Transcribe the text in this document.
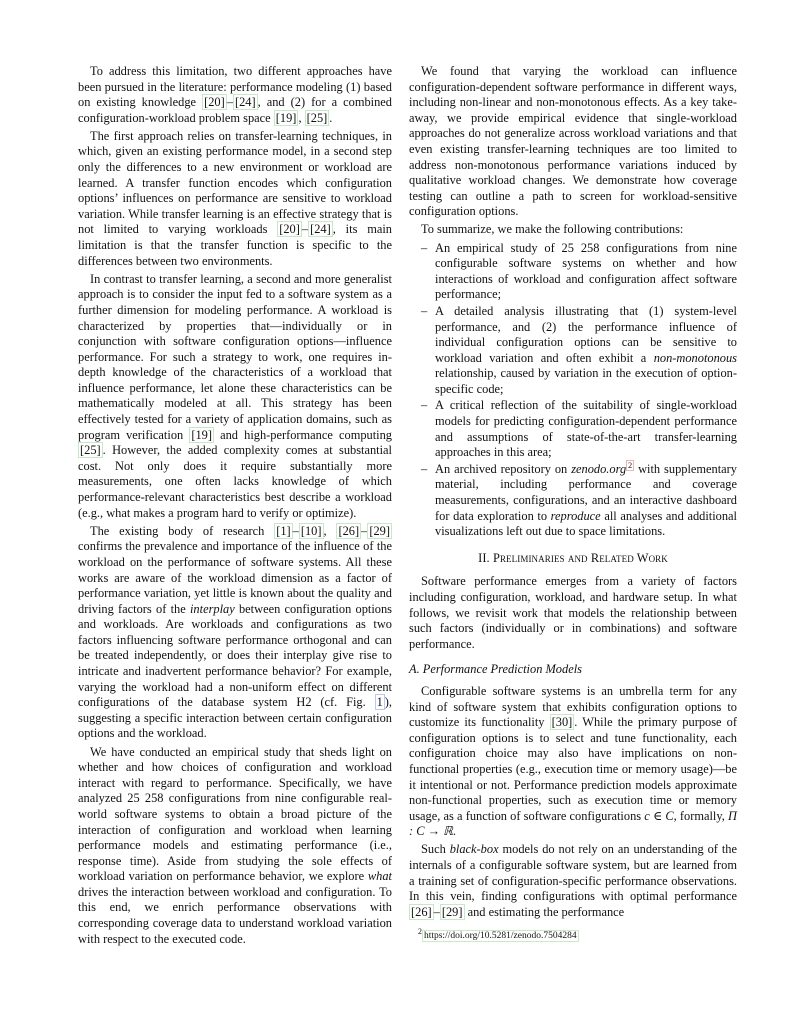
To address this limitation, two different approaches have been pursued in the literature: performance modeling (1) based on existing knowledge [20] – [24] , and (2) for a combined configuration-workload problem space [19] , [25] .

The first approach relies on transfer-learning techniques, in which, given an existing performance model, in a second step only the differences to a new environment or workload are learned. A transfer function encodes which configuration options’ influences on performance are sensitive to workload variation. While transfer learning is an effective strategy that is not limited to varying workloads [20] – [24] , its main limitation is that the transfer function is specific to the differences between two environments.

In contrast to transfer learning, a second and more generalist approach is to consider the input fed to a software system as a further dimension for modeling performance. A workload is characterized by properties that—individually or in conjunction with software configuration options—influence performance. For such a strategy to work, one requires in-depth knowledge of the characteristics of a workload that influence performance, let alone these characteristics can be mathematically modeled at all. This strategy has been effectively tested for a variety of application domains, such as program verification [19] and high-performance computing [25] . However, the added complexity comes at substantial cost. Not only does it require substantially more measurements, one often lacks knowledge of which performance-relevant characteristics best describe a workload (e.g., what makes a program hard to verify or optimize).

The existing body of research [1] – [10] , [26] – [29] confirms the prevalence and importance of the influence of the workload on the performance of software systems. All these works are aware of the workload dimension as a factor of performance variation, yet little is known about the quality and driving factors of the interplay between configuration options and workloads. Are workloads and configurations as two factors influencing software performance orthogonal and can be treated independently, or does their interplay give rise to intricate and inadvertent performance behavior? For example, varying the workload had a non-uniform effect on different configurations of the database system H2 (cf. Fig. 1 ), suggesting a specific interaction between certain configuration options and the workload.

We have conducted an empirical study that sheds light on whether and how choices of configuration and workload interact with regard to performance. Specifically, we have analyzed 25 258 configurations from nine configurable real-world software systems to obtain a broad picture of the interaction of configuration and workload when learning performance models and estimating performance (i.e., response time). Aside from studying the sole effects of workload variation on performance behavior, we explore what drives the interaction between workload and configuration. To this end, we enrich performance observations with corresponding coverage data to understand workload variation with respect to the executed code.

We found that varying the workload can influence configuration-dependent software performance in different ways, including non-linear and non-monotonous effects. As a key take-away, we provide empirical evidence that single-workload approaches do not generalize across workload variations and that even existing transfer-learning techniques are too limited to address non-monotonous performance variations induced by qualitative workload changes. We demonstrate how coverage testing can outline a path to screen for workload-sensitive configuration options.

To summarize, we make the following contributions:

– An empirical study of 25 258 configurations from nine configurable software systems on whether and how interactions of workload and configuration affect software performance;
– A detailed analysis illustrating that (1) system-level performance, and (2) the performance influence of individual configuration options can be sensitive to workload variation and often exhibit a non-monotonous relationship, caused by variation in the execution of option-specific code;
– A critical reflection of the suitability of single-workload models for predicting configuration-dependent performance and assumptions of state-of-the-art transfer-learning approaches in this area;
– An archived repository on zenodo.org $^2$ with supplementary material, including performance and coverage measurements, configurations, and an interactive dashboard for data exploration to reproduce all analyses and additional visualizations left out due to space limitations.
II. Preliminaries and Related Work

Software performance emerges from a variety of factors including configuration, workload, and hardware setup. In what follows, we revisit work that models the relationship between such factors (individually or in combinations) and software performance.

A. Performance Prediction Models

Configurable software systems is an umbrella term for any kind of software system that exhibits configuration options to customize its functionality [30] . While the primary purpose of configuration options is to select and tune functionality, each configuration choice may also have implications on non-functional properties (e.g., execution time or memory usage)—be it intentional or not. Performance prediction models approximate non-functional properties, such as execution time or memory usage, as a function of software configurations c ∈ C, formally, Π : C → ℝ.

Such black-box models do not rely on an understanding of the internals of a configurable software system, but are learned from a training set of configuration-specific performance observations. In this vein, finding configurations with optimal performance [26] – [29] and estimating the performance

$^2$ https://doi.org/10.5281/zenodo.7504284
